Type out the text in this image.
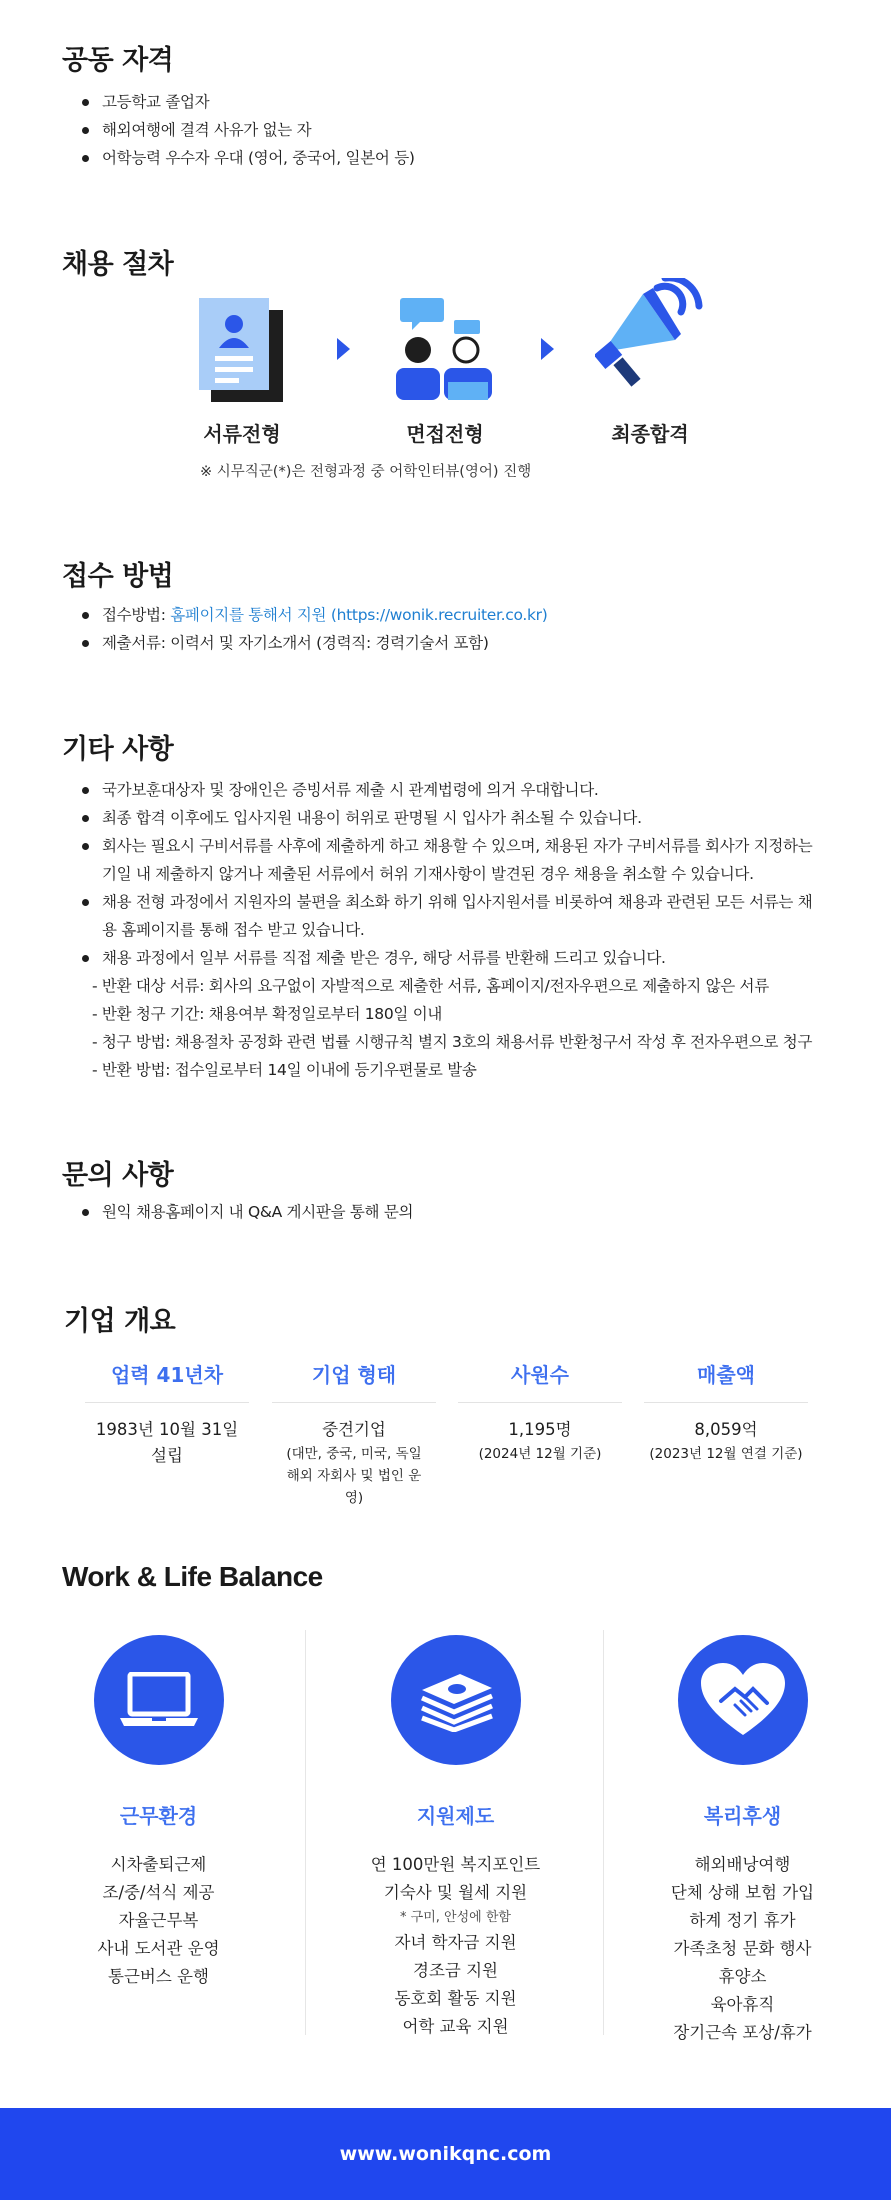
공동 자격
고등학교 졸업자
해외여행에 결격 사유가 없는 자
어학능력 우수자 우대 (영어, 중국어, 일본어 등)
채용 절차
서류전형	면접전형	최종합격
※ 시무직군(*)은 전형과정 중 어학인터뷰(영어) 진행
접수 방법
접수방법: 홈페이지를 통해서 지원 (https://wonik.recruiter.co.kr)
제출서류: 이력서 및 자기소개서 (경력직: 경력기술서 포함)
기타 사항
국가보훈대상자 및 장애인은 증빙서류 제출 시 관계법령에 의거 우대합니다.
최종 합격 이후에도 입사지원 내용이 허위로 판명될 시 입사가 취소될 수 있습니다.
회사는 필요시 구비서류를 사후에 제출하게 하고 채용할 수 있으며, 채용된 자가 구비서류를 회사가 지정하는 기일 내 제출하지 않거나 제출된 서류에서 허위 기재사항이 발견된 경우 채용을 취소할 수 있습니다.
채용 전형 과정에서 지원자의 불편을 최소화 하기 위해 입사지원서를 비롯하여 채용과 관련된 모든 서류는 채용 홈페이지를 통해 접수 받고 있습니다.
채용 과정에서 일부 서류를 직접 제출 받은 경우, 해당 서류를 반환해 드리고 있습니다.
- 반환 대상 서류: 회사의 요구없이 자발적으로 제출한 서류, 홈페이지/전자우편으로 제출하지 않은 서류
- 반환 청구 기간: 채용여부 확정일로부터 180일 이내
- 청구 방법: 채용절차 공정화 관련 법률 시행규칙 별지 3호의 채용서류 반환청구서 작성 후 전자우편으로 청구
- 반환 방법: 접수일로부터 14일 이내에 등기우편물로 발송
문의 사항
원익 채용홈페이지 내 Q&A 게시판을 통해 문의
기업 개요
업력 41년차
1983년 10월 31일
설립
기업 형태
중견기업
(대만, 중국, 미국, 독일 해외 자회사 및 법인 운영)
사원수
1,195명
(2024년 12월 기준)
매출액
8,059억
(2023년 12월 연결 기준)
Work & Life Balance
근무환경
시차출퇴근제
조/중/석식 제공
자율근무복
사내 도서관 운영
통근버스 운행
지원제도
연 100만원 복지포인트
기숙사 및 월세 지원
* 구미, 안성에 한함
자녀 학자금 지원
경조금 지원
동호회 활동 지원
어학 교육 지원
복리후생
해외배낭여행
단체 상해 보험 가입
하계 정기 휴가
가족초청 문화 행사
휴양소
육아휴직
장기근속 포상/휴가
www.wonikqnc.com
